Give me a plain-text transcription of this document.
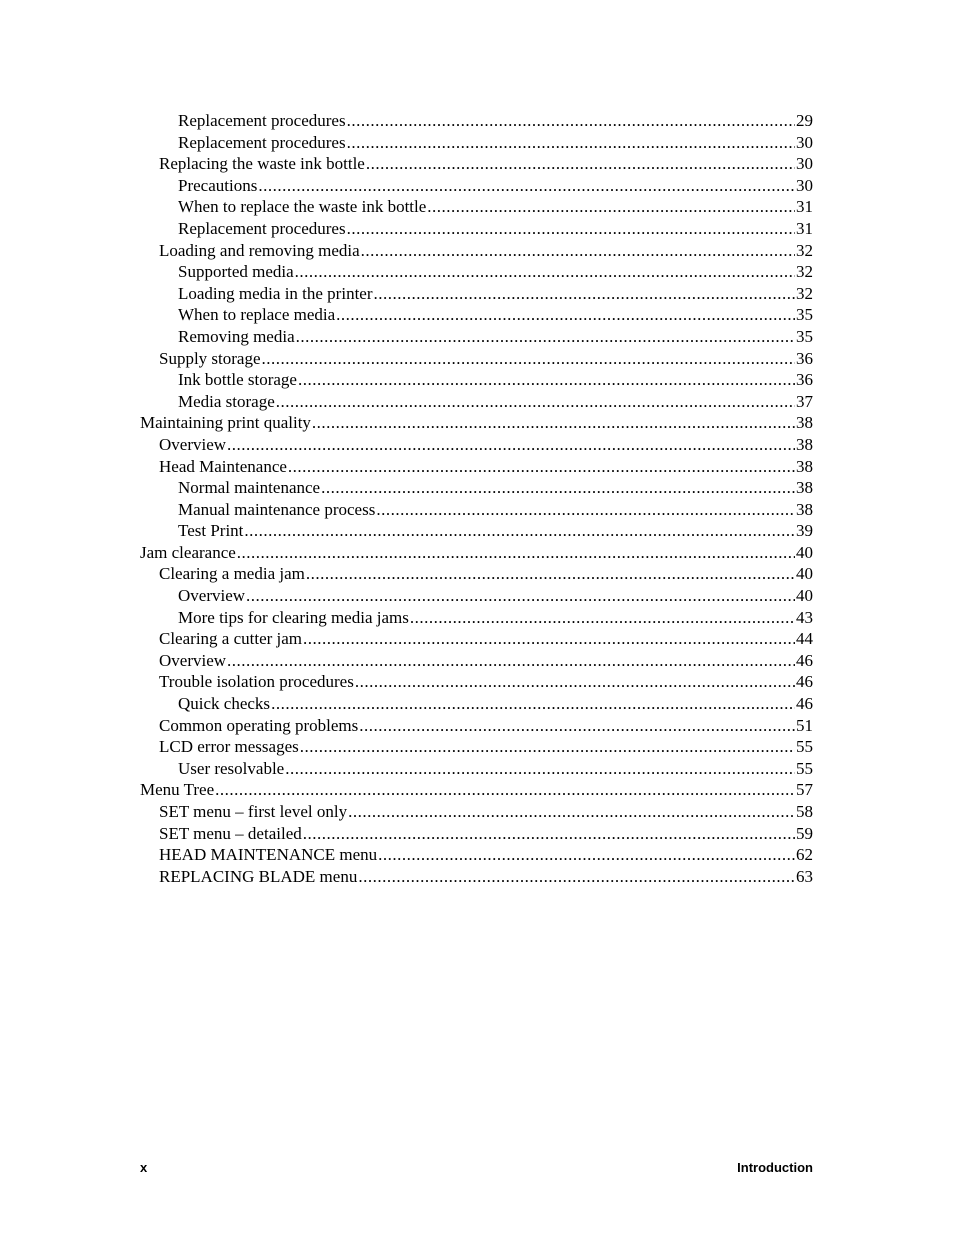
Replacement procedures .....	29
Replacement procedures .....	30
Replacing the waste ink bottle .....	30
Precautions .....	30
When to replace the waste ink bottle .....	31
Replacement procedures .....	31
Loading and removing media .....	32
Supported media .....	32
Loading media in the printer .....	32
When to replace media .....	35
Removing media .....	35
Supply storage .....	36
Ink bottle storage .....	36
Media storage .....	37
Maintaining print quality .....	38
Overview .....	38
Head Maintenance .....	38
Normal maintenance .....	38
Manual maintenance process .....	38
Test Print .....	39
Jam clearance .....	40
Clearing a media jam .....	40
Overview .....	40
More tips for clearing media jams .....	43
Clearing a cutter jam .....	44
Overview .....	46
Trouble isolation procedures .....	46
Quick checks .....	46
Common operating problems .....	51
LCD error messages .....	55
User resolvable .....	55
Menu Tree .....	57
SET menu – first level only .....	58
SET menu – detailed .....	59
HEAD MAINTENANCE menu .....	62
REPLACING BLADE menu .....	63
x	Introduction
